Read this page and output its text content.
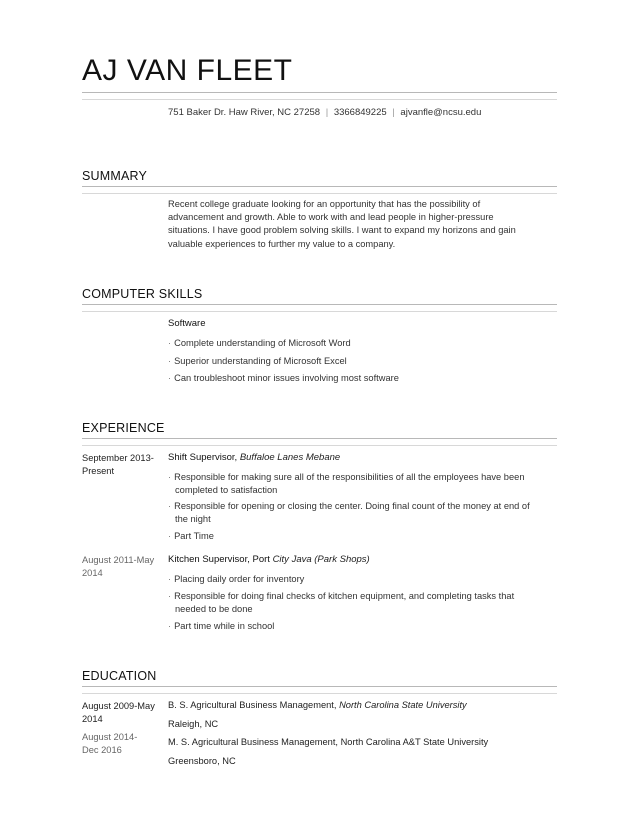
AJ VAN FLEET
751 Baker Dr. Haw River, NC 27258 | 3366849225 | ajvanfle@ncsu.edu
SUMMARY
Recent college graduate looking for an opportunity that has the possibility of
advancement and growth. Able to work with and lead people in higher-pressure
situations. I have good problem solving skills. I want to expand my horizons and gain
valuable experiences to further my value to a company.
COMPUTER SKILLS
Software
· Complete understanding of Microsoft Word
· Superior understanding of Microsoft Excel
· Can troubleshoot minor issues involving most software
EXPERIENCE
September 2013-
Present
Shift Supervisor, Buffaloe Lanes Mebane
· Responsible for making sure all of the responsibilities of all the employees have been
completed to satisfaction
· Responsible for opening or closing the center. Doing final count of the money at end of
the night
· Part Time
August 2011-May
2014
Kitchen Supervisor, Port City Java (Park Shops)
· Placing daily order for inventory
· Responsible for doing final checks of kitchen equipment, and completing tasks that
needed to be done
· Part time while in school
EDUCATION
August 2009-May
2014
B. S. Agricultural Business Management, North Carolina State University
Raleigh, NC
August 2014-
Dec 2016
M. S. Agricultural Business Management, North Carolina A&T State University
Greensboro, NC
